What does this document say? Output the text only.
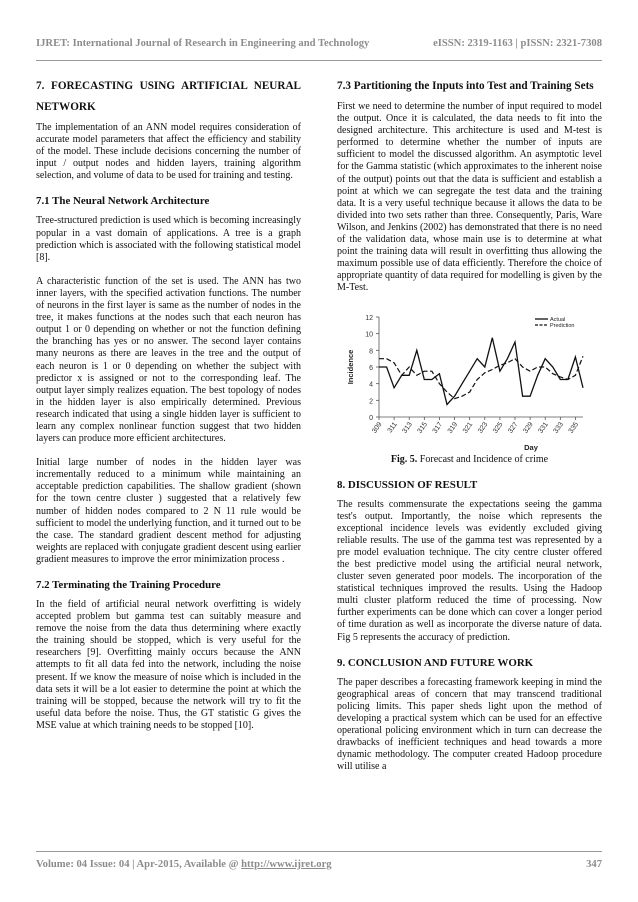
IJRET: International Journal of Research in Engineering and Technology	eISSN: 2319-1163 | pISSN: 2321-7308
7. FORECASTING USING ARTIFICIAL NEURAL NETWORK

The implementation of an ANN model requires consideration of accurate model parameters that affect the efficiency and stability of the model. These include decisions concerning the number of input / output nodes and hidden layers, training algorithm selection, and volume of data to be used for training and testing.

7.1 The Neural Network Architecture

Tree-structured prediction is used which is becoming increasingly popular in a vast domain of applications. A tree is a graph prediction which is associated with the following statistical model [8].

A characteristic function of the set is used. The ANN has two inner layers, with the specified activation functions. The number of neurons in the first layer is same as the number of nodes in the tree, it makes functions at the nodes such that each neuron has output 1 or 0 depending on whether or not the function defining the branching has yes or no answer. The second layer contains many neurons as there are leaves in the tree and the output of each neuron is 1 or 0 depending on whether the subject with predictor x is assigned or not to the corresponding leaf. The output layer simply realizes equation. The best topology of nodes in the hidden layer is also empirically determined. Previous research indicated that using a single hidden layer is sufficient to learn any complex nonlinear function suggest that two hidden layers can produce more efficient architectures.

Initial large number of nodes in the hidden layer was incrementally reduced to a minimum while maintaining an acceptable prediction capabilities. The shallow gradient (shown for the town centre cluster ) suggested that a relatively few number of hidden nodes compared to 2 N 11 rule would be sufficient to model the underlying function, and it turned out to be the case. The standard gradient descent method for adjusting weights are replaced with conjugate gradient descent using earlier gradient measures to improve the error minimization process .

7.2 Terminating the Training Procedure

In the field of artificial neural network overfitting is widely accepted problem but gamma test can suitably measure and remove the noise from the data thus determining where exactly the training should be stopped, which is very useful for the researchers [9]. Overfitting mainly occurs because the ANN attempts to fit all data fed into the network, including the noise present. If we know the measure of noise which is included in the data sets it will be a lot easier to determine the point at which the training will be stopped, because the network will try to fit the useful data before the noise. Thus, the GT statistic G gives the MSE value at which training needs to be stopped [10].

7.3 Partitioning the Inputs into Test and Training Sets

First we need to determine the number of input required to model the output. Once it is calculated, the data needs to fit into the designed architecture. This architecture is used and M-test is performed to determine whether the number of inputs are sufficient to model the discussed algorithm. An asymptotic level for the Gamma statistic (which approximates to the inherent noise of the output) points out that the data is sufficient and establish a point at which we can segregate the test data and the training data. It is a very useful technique because it allows the data to be divided into two sets rather than three. Consequently, Paris, Ware Wilson, and Jenkins (2002) has demonstrated that there is no need of the validation data, whose main use is to determine at what point the training data will result in overfitting thus allowing the maximum possible use of data efficiently. Therefore the choice of appropriate quantity of data required for modelling is given by the M-Test.

0
2
4
6
8
10
12
309 311 313 315 317 319 321 323 325 327 329 331 333 335
Day
Incidence
Actual
Prediction
Fig. 5. Forecast and Incidence of crime
8. DISCUSSION OF RESULT

The results commensurate the expectations seeing the gamma test's output. Importantly, the noise which represents the exceptional incidence levels was evidently excluded giving reliable results. The use of the gamma test was represented by a pre model evaluation technique. The city centre cluster offered the best predictive model using the artificial neural network, cluster seven generated poor models. The incorporation of the statistical techniques improved the results. Using the Hadoop multi cluster platform reduced the time of processing. Now further experiments can be done which can cover a longer period of time duration as well as incorporate the diverse nature of data. Fig 5 represents the accuracy of prediction.

9. CONCLUSION AND FUTURE WORK

The paper describes a forecasting framework keeping in mind the geographical areas of concern that may transcend traditional policing limits. This paper sheds light upon the method of developing a practical system which can be used for an effective operational policing environment which in turn can decrease the drawbacks of inefficient techniques and head towards a more dynamic methodology. The computer created Hadoop procedure will utilise a

Volume: 04 Issue: 04 | Apr-2015, Available @ http://www.ijret.org	347
